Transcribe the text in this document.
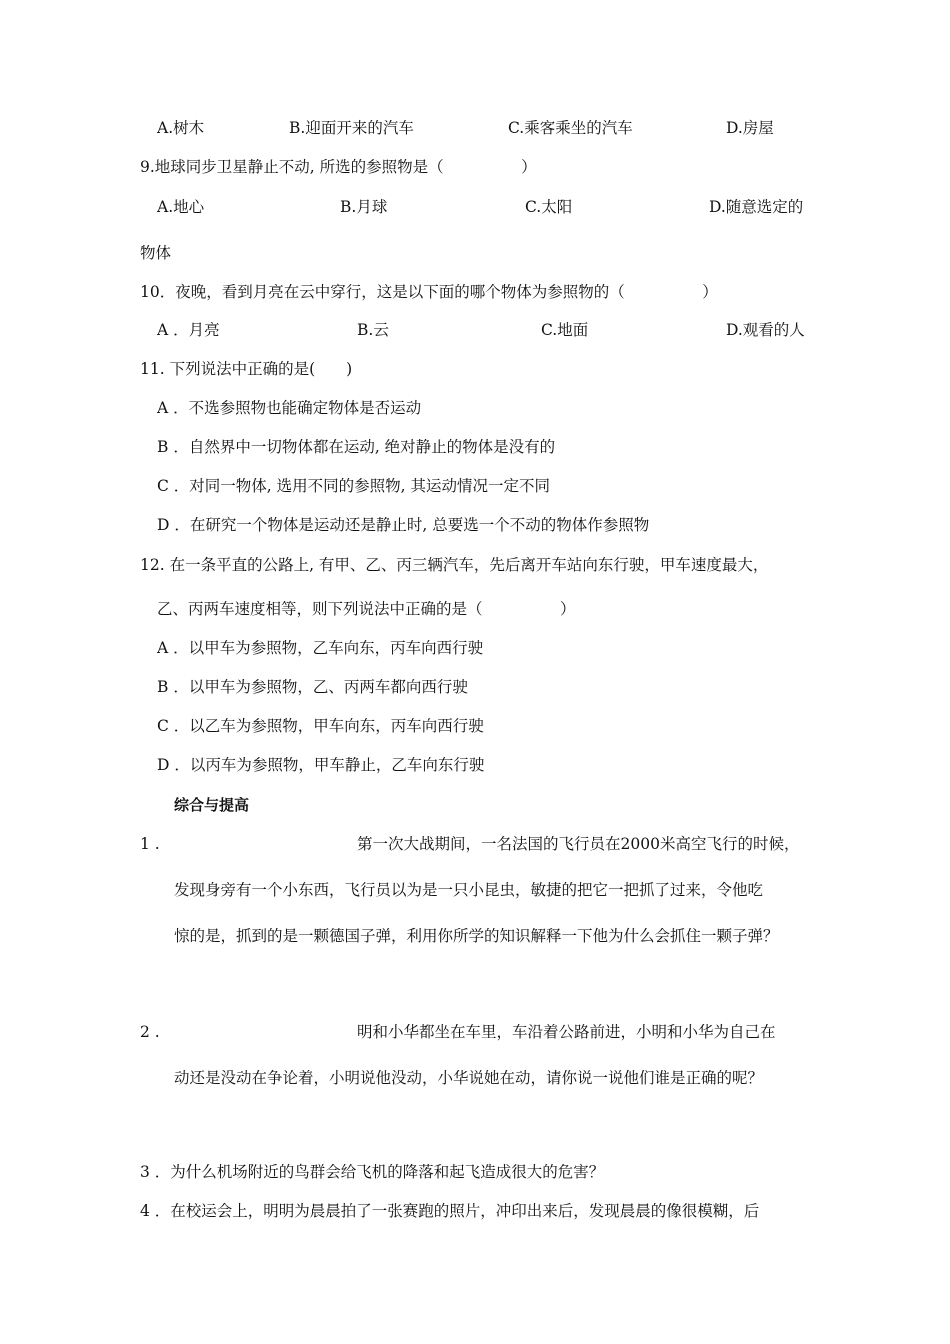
A.树木	B.迎面开来的汽车	C.乘客乘坐的汽车	D.房屋
9.地球同步卫星静止不动, 所选的参照物是（　　　　　）
A.地心	B.月球	C.太阳	D.随意选定的
物体
10．夜晚，看到月亮在云中穿行，这是以下面的哪个物体为参照物的（　　　　　）
A ．月亮	B.云	C.地面	D.观看的人
11. 下列说法中正确的是(　　)
A ．不选参照物也能确定物体是否运动
B ．自然界中一切物体都在运动, 绝对静止的物体是没有的
C ．对同一物体, 选用不同的参照物, 其运动情况一定不同
D ．在研究一个物体是运动还是静止时, 总要选一个不动的物体作参照物
12. 在一条平直的公路上, 有甲、乙、丙三辆汽车，先后离开车站向东行驶，甲车速度最大，
乙、丙两车速度相等，则下列说法中正确的是（　　　　　）
A ．以甲车为参照物，乙车向东，丙车向西行驶
B ．以甲车为参照物，乙、丙两车都向西行驶
C ．以乙车为参照物，甲车向东，丙车向西行驶
D ．以丙车为参照物，甲车静止，乙车向东行驶
综合与提高
1 .	第一次大战期间，一名法国的飞行员在2000米高空飞行的时候，
发现身旁有一个小东西，飞行员以为是一只小昆虫，敏捷的把它一把抓了过来，令他吃
惊的是，抓到的是一颗德国子弹，利用你所学的知识解释一下他为什么会抓住一颗子弹？
2 .	明和小华都坐在车里，车沿着公路前进，小明和小华为自己在
动还是没动在争论着，小明说他没动，小华说她在动，请你说一说他们谁是正确的呢？
3 ．为什么机场附近的鸟群会给飞机的降落和起飞造成很大的危害？
4 ．在校运会上，明明为晨晨拍了一张赛跑的照片，冲印出来后，发现晨晨的像很模糊，后
